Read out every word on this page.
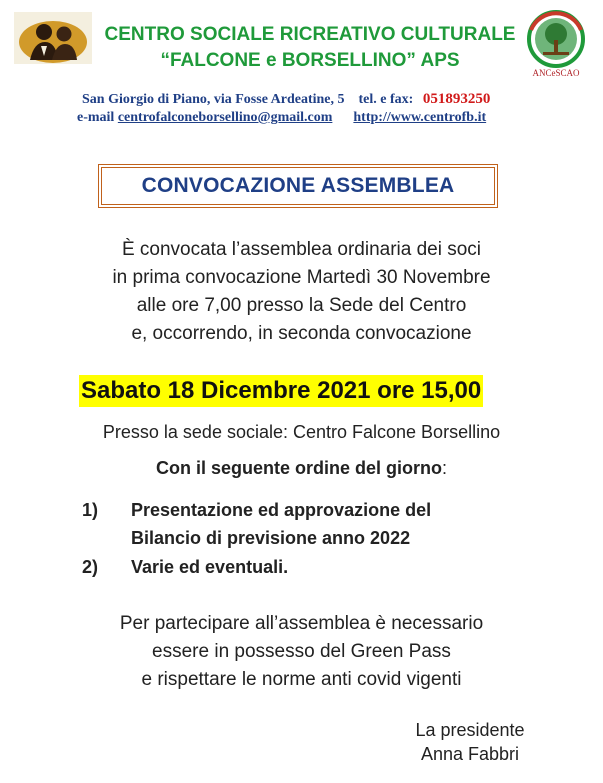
CENTRO SOCIALE RICREATIVO CULTURALE
“FALCONE e BORSELLINO” APS
ANCeSCAO
San Giorgio di Piano, via Fosse Ardeatine, 5 tel. e fax: 051893250
e-mail centrofalconeborsellino@gmail.com http://www.centrofb.it
CONVOCAZIONE ASSEMBLEA
È convocata l’assemblea ordinaria dei soci
in prima convocazione Martedì 30 Novembre
alle ore 7,00 presso la Sede del Centro
e, occorrendo, in seconda convocazione
Sabato 18 Dicembre 2021 ore 15,00
Presso la sede sociale: Centro Falcone Borsellino
Con il seguente ordine del giorno:
1) Presentazione ed approvazione del
Bilancio di previsione anno 2022
2) Varie ed eventuali.
Per partecipare all’assemblea è necessario
essere in possesso del Green Pass
e rispettare le norme anti covid vigenti
La presidente
Anna Fabbri
